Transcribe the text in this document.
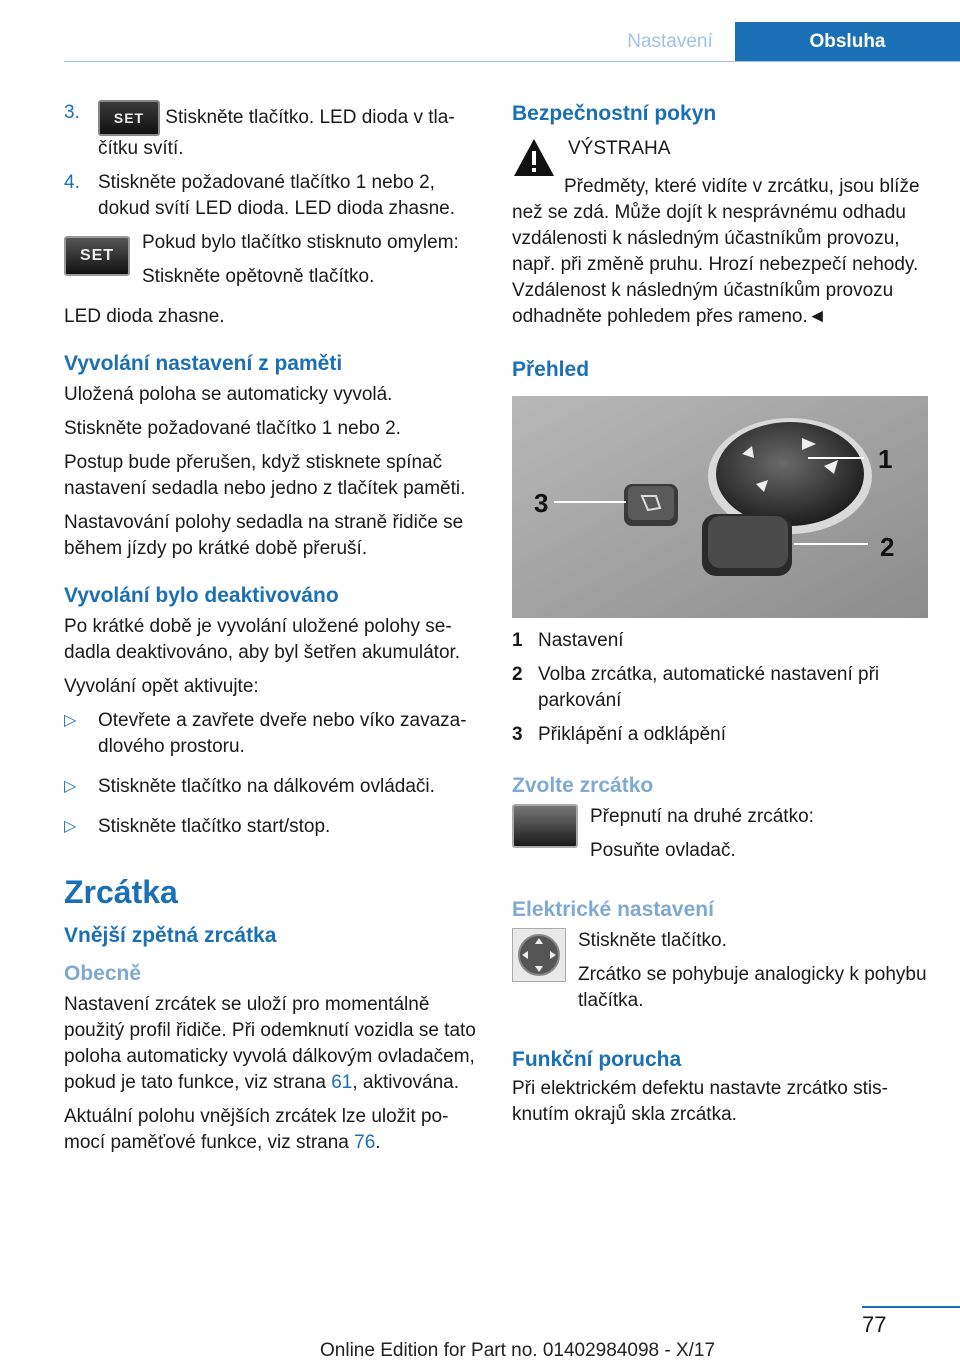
Nastavení	Obsluha
3.	SET Stiskněte tlačítko. LED dioda v tlačítku svítí.
4. Stiskněte požadované tlačítko 1 nebo 2, dokud svítí LED dioda. LED dioda zhasne.
SET

Pokud bylo tlačítko stisknuto omylem:

Stiskněte opětovně tlačítko.

LED dioda zhasne.

Vyvolání nastavení z paměti

Uložená poloha se automaticky vyvolá.

Stiskněte požadované tlačítko 1 nebo 2.

Postup bude přerušen, když stisknete spínač nastavení sedadla nebo jedno z tlačítek paměti.

Nastavování polohy sedadla na straně řidiče se během jízdy po krátké době přeruší.

Vyvolání bylo deaktivováno

Po krátké době je vyvolání uložené polohy sedadla deaktivováno, aby byl šetřen akumulátor.

Vyvolání opět aktivujte:

▷	Otevřete a zavřete dveře nebo víko zavazadlového prostoru.
▷	Stiskněte tlačítko na dálkovém ovládači.
▷	Stiskněte tlačítko start/stop.
Zrcátka
Vnější zpětná zrcátka
Obecně

Nastavení zrcátek se uloží pro momentálně použitý profil řidiče. Při odemknutí vozidla se tato poloha automaticky vyvolá dálkovým ovladačem, pokud je tato funkce, viz strana 61, aktivována.

Aktuální polohu vnějších zrcátek lze uložit pomocí paměťové funkce, viz strana 76.

Bezpečnostní pokyn

VÝSTRAHA

Předměty, které vidíte v zrcátku, jsou blíže než se zdá. Může dojít k nesprávnému odhadu vzdálenosti k následným účastníkům provozu, např. při změně pruhu. Hrozí nebezpečí nehody. Vzdálenost k následným účastníkům provozu odhadněte pohledem přes rameno.◄

Přehled
3
1
2
1 Nastavení
2 Volba zrcátka, automatické nastavení při parkování
3 Přiklápění a odklápění
Zvolte zrcátko

Přepnutí na druhé zrcátko:

Posuňte ovladač.

Elektrické nastavení

Stiskněte tlačítko.

Zrcátko se pohybuje analogicky k pohybu tlačítka.

Funkční porucha

Při elektrickém defektu nastavte zrcátko stisknutím okrajů skla zrcátka.

77
Online Edition for Part no. 01402984098 - X/17
